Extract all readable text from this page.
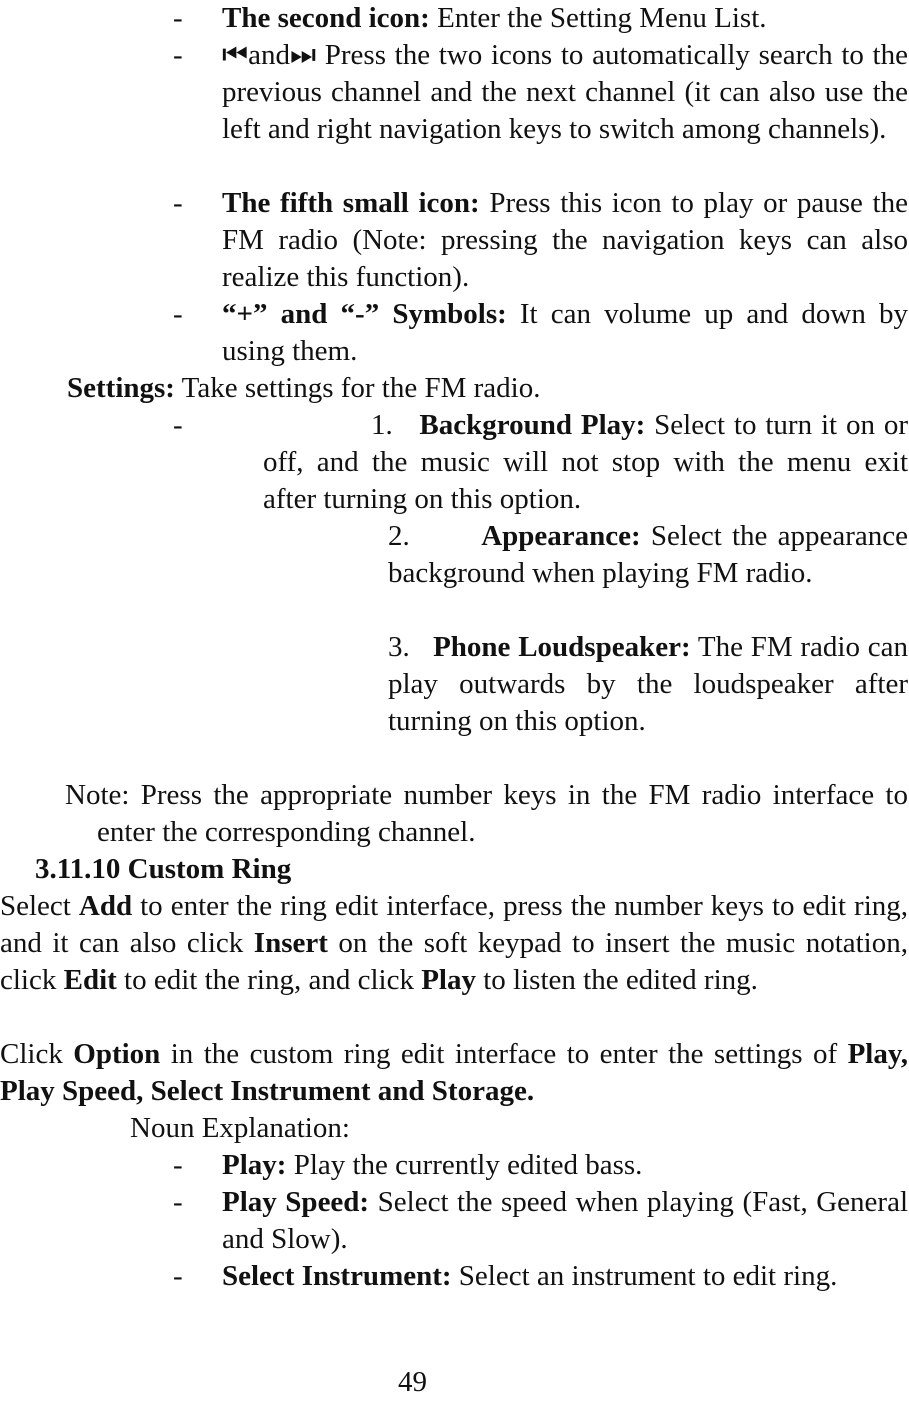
- The second icon: Enter the Setting Menu List.

- ⏮and⏭ Press the two icons to automatically search to the previous channel and the next channel (it can also use the left and right navigation keys to switch among channels).

- The fifth small icon: Press this icon to play or pause the FM radio (Note: pressing the navigation keys can also realize this function).

- “+” and “-” Symbols: It can volume up and down by using them.

Settings: Take settings for the FM radio.

-	1. Background Play: Select to turn it on or off, and the music will not stop with the menu exit after turning on this option.

2. Appearance: Select the appearance background when playing FM radio.

3. Phone Loudspeaker: The FM radio can play outwards by the loudspeaker after turning on this option.

Note: Press the appropriate number keys in the FM radio interface to enter the corresponding channel.

3.11.10 Custom Ring

Select Add to enter the ring edit interface, press the number keys to edit ring, and it can also click Insert on the soft keypad to insert the music notation, click Edit to edit the ring, and click Play to listen the edited ring.

Click Option in the custom ring edit interface to enter the settings of Play, Play Speed, Select Instrument and Storage.

Noun Explanation:

- Play: Play the currently edited bass.

- Play Speed: Select the speed when playing (Fast, General and Slow).

- Select Instrument: Select an instrument to edit ring.

49
